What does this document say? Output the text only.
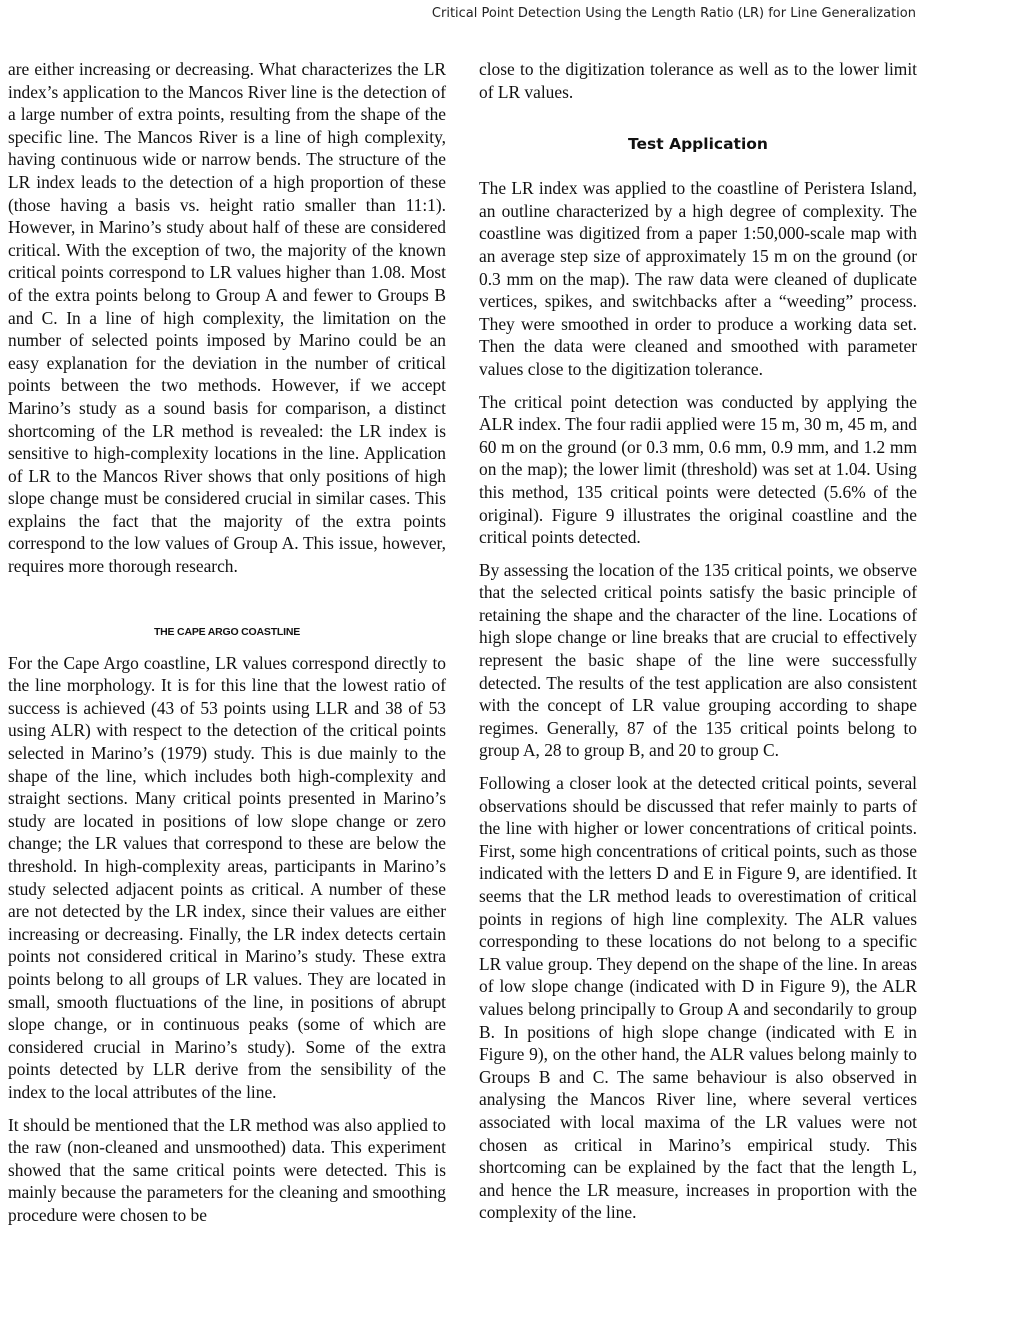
Critical Point Detection Using the Length Ratio (LR) for Line Generalization

are either increasing or decreasing. What characterizes the LR index’s application to the Mancos River line is the detection of a large number of extra points, resulting from the shape of the specific line. The Mancos River is a line of high complexity, having continuous wide or narrow bends. The structure of the LR index leads to the detection of a high proportion of these (those having a basis vs. height ratio smaller than 11:1). However, in Marino’s study about half of these are considered critical. With the exception of two, the majority of the known critical points correspond to LR values higher than 1.08. Most of the extra points belong to Group A and fewer to Groups B and C. In a line of high complexity, the limitation on the number of selected points imposed by Marino could be an easy explanation for the deviation in the number of critical points between the two methods. However, if we accept Marino’s study as a sound basis for comparison, a distinct shortcoming of the LR method is revealed: the LR index is sensitive to high-complexity locations in the line. Application of LR to the Mancos River shows that only positions of high slope change must be considered crucial in similar cases. This explains the fact that the majority of the extra points correspond to the low values of Group A. This issue, however, requires more thorough research.

THE CAPE ARGO COASTLINE

For the Cape Argo coastline, LR values correspond directly to the line morphology. It is for this line that the lowest ratio of success is achieved (43 of 53 points using LLR and 38 of 53 using ALR) with respect to the detection of the critical points selected in Marino’s (1979) study. This is due mainly to the shape of the line, which includes both high-complexity and straight sections. Many critical points presented in Marino’s study are located in positions of low slope change or zero change; the LR values that correspond to these are below the threshold. In high-complexity areas, participants in Marino’s study selected adjacent points as critical. A number of these are not detected by the LR index, since their values are either increasing or decreasing. Finally, the LR index detects certain points not considered critical in Marino’s study. These extra points belong to all groups of LR values. They are located in small, smooth fluctuations of the line, in positions of abrupt slope change, or in continuous peaks (some of which are considered crucial in Marino’s study). Some of the extra points detected by LLR derive from the sensibility of the index to the local attributes of the line.

It should be mentioned that the LR method was also applied to the raw (non-cleaned and unsmoothed) data. This experiment showed that the same critical points were detected. This is mainly because the parameters for the cleaning and smoothing procedure were chosen to be

close to the digitization tolerance as well as to the lower limit of LR values.

Test Application

The LR index was applied to the coastline of Peristera Island, an outline characterized by a high degree of complexity. The coastline was digitized from a paper 1:50,000-scale map with an average step size of approximately 15 m on the ground (or 0.3 mm on the map). The raw data were cleaned of duplicate vertices, spikes, and switchbacks after a “weeding” process. They were smoothed in order to produce a working data set. Then the data were cleaned and smoothed with parameter values close to the digitization tolerance.

The critical point detection was conducted by applying the ALR index. The four radii applied were 15 m, 30 m, 45 m, and 60 m on the ground (or 0.3 mm, 0.6 mm, 0.9 mm, and 1.2 mm on the map); the lower limit (threshold) was set at 1.04. Using this method, 135 critical points were detected (5.6% of the original). Figure 9 illustrates the original coastline and the critical points detected.

By assessing the location of the 135 critical points, we observe that the selected critical points satisfy the basic principle of retaining the shape and the character of the line. Locations of high slope change or line breaks that are crucial to effectively represent the basic shape of the line were successfully detected. The results of the test application are also consistent with the concept of LR value grouping according to shape regimes. Generally, 87 of the 135 critical points belong to group A, 28 to group B, and 20 to group C.

Following a closer look at the detected critical points, several observations should be discussed that refer mainly to parts of the line with higher or lower concentrations of critical points. First, some high concentrations of critical points, such as those indicated with the letters D and E in Figure 9, are identified. It seems that the LR method leads to overestimation of critical points in regions of high line complexity. The ALR values corresponding to these locations do not belong to a specific LR value group. They depend on the shape of the line. In areas of low slope change (indicated with D in Figure 9), the ALR values belong principally to Group A and secondarily to group B. In positions of high slope change (indicated with E in Figure 9), on the other hand, the ALR values belong mainly to Groups B and C. The same behaviour is also observed in analysing the Mancos River line, where several vertices associated with local maxima of the LR values were not chosen as critical in Marino’s empirical study. This shortcoming can be explained by the fact that the length L, and hence the LR measure, increases in proportion with the complexity of the line.
